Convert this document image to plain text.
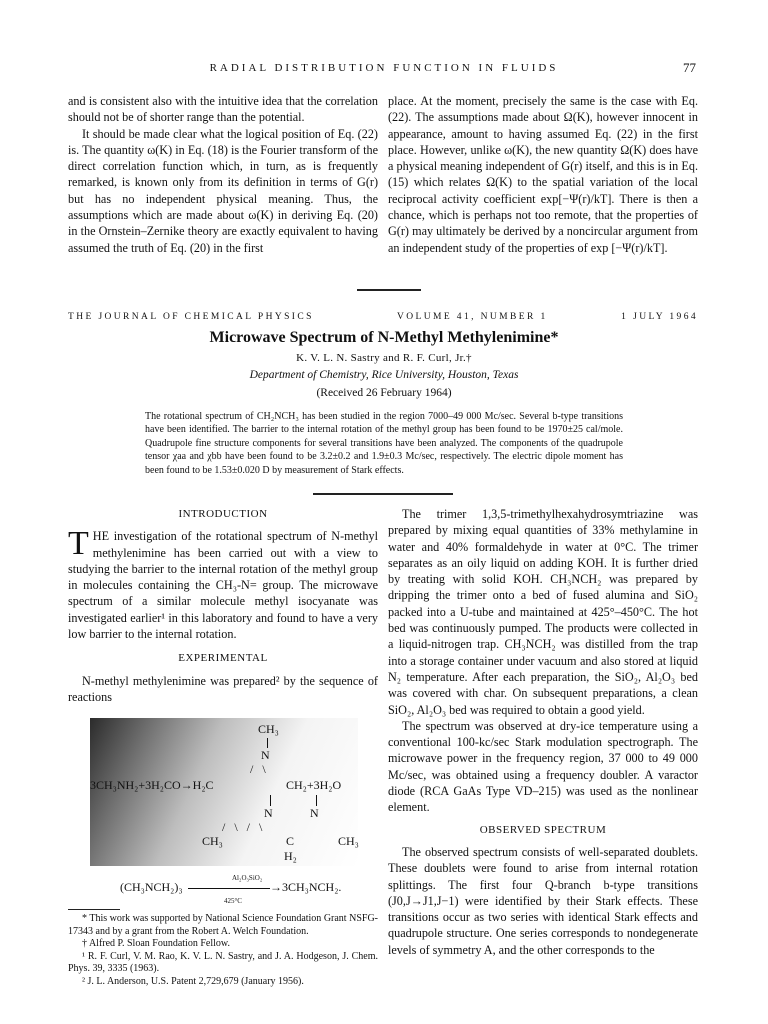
RADIAL DISTRIBUTION FUNCTION IN FLUIDS	77

and is consistent also with the intuitive idea that the correlation should not be of shorter range than the potential.

It should be made clear what the logical position of Eq. (22) is. The quantity ω(K) in Eq. (18) is the Fourier transform of the direct correlation function which, in turn, as is frequently remarked, is known only from its definition in terms of G(r) but has no independent physical meaning. Thus, the assumptions which are made about ω(K) in deriving Eq. (20) in the Ornstein–Zernike theory are exactly equivalent to having assumed the truth of Eq. (20) in the first

place. At the moment, precisely the same is the case with Eq. (22). The assumptions made about Ω(K), however innocent in appearance, amount to having assumed Eq. (22) in the first place. However, unlike ω(K), the new quantity Ω(K) does have a physical meaning independent of G(r) itself, and this is in Eq. (15) which relates Ω(K) to the spatial variation of the local reciprocal activity coefficient exp[−Ψ(r)/kT]. There is then a chance, which is perhaps not too remote, that the properties of G(r) may ultimately be derived by a noncircular argument from an independent study of the properties of exp [−Ψ(r)/kT].

THE JOURNAL OF CHEMICAL PHYSICS	VOLUME 41, NUMBER 1	1 JULY 1964
Microwave Spectrum of N-Methyl Methylenimine*
K. V. L. N. Sastry and R. F. Curl, Jr.†
Department of Chemistry, Rice University, Houston, Texas
(Received 26 February 1964)

The rotational spectrum of CH₂NCH₃ has been studied in the region 7000–49 000 Mc/sec. Several b-type transitions have been identified. The barrier to the internal rotation of the methyl group has been found to be 1970±25 cal/mole. Quadrupole fine structure components for several transitions have been analyzed. The components of the quadrupole tensor χaa and χbb have been found to be 3.2±0.2 and 1.9±0.3 Mc/sec, respectively. The electric dipole moment has been found to be 1.53±0.020 D by measurement of Stark effects.

INTRODUCTION

T HE investigation of the rotational spectrum of N-methyl methylenimine has been carried out with a view to studying the barrier to the internal rotation of the methyl group in molecules containing the CH₃-N= group. The microwave spectrum of a similar molecule methyl isocyanate was investigated earlier¹ in this laboratory and found to have a very low barrier to the internal rotation.

EXPERIMENTAL

N-methyl methylenimine was prepared² by the sequence of reactions

CH₃
N
/   \
3CH₃NH₂+3H₂CO→H₂C	CH₂+3H₂O
N	N
/   \   /   \
CH₃	C	CH₃
H₂
Al₂O₃SiO₂
(CH₃NCH₂)₃	→3CH₃NCH₂.
425°C

* This work was supported by National Science Foundation Grant NSFG-17343 and by a grant from the Robert A. Welch Foundation.

† Alfred P. Sloan Foundation Fellow.

¹ R. F. Curl, V. M. Rao, K. V. L. N. Sastry, and J. A. Hodgeson, J. Chem. Phys. 39, 3335 (1963).

² J. L. Anderson, U.S. Patent 2,729,679 (January 1956).

The trimer 1,3,5-trimethylhexahydrosymtriazine was prepared by mixing equal quantities of 33% methylamine in water and 40% formaldehyde in water at 0°C. The trimer separates as an oily liquid on adding KOH. It is further dried by treating with solid KOH. CH₃NCH₂ was prepared by dripping the trimer onto a bed of fused alumina and SiO₂ packed into a U-tube and maintained at 425°–450°C. The hot bed was continuously pumped. The products were collected in a liquid-nitrogen trap. CH₃NCH₂ was distilled from the trap into a storage container under vacuum and also stored at liquid N₂ temperature. After each preparation, the SiO₂, Al₂O₃ bed was covered with char. On subsequent preparations, a clean SiO₂, Al₂O₃ bed was required to obtain a good yield.

The spectrum was observed at dry-ice temperature using a conventional 100-kc/sec Stark modulation spectrograph. The microwave power in the frequency region, 37 000 to 49 000 Mc/sec, was obtained using a frequency doubler. A varactor diode (RCA GaAs Type VD–215) was used as the nonlinear element.

OBSERVED SPECTRUM

The observed spectrum consists of well-separated doublets. These doublets were found to arise from internal rotation splittings. The first four Q-branch b-type transitions (J0,J→J1,J−1) were identified by their Stark effects. These transitions occur as two series with identical Stark effects and quadrupole structure. One series corresponds to nondegenerate levels of symmetry A, and the other corresponds to the
